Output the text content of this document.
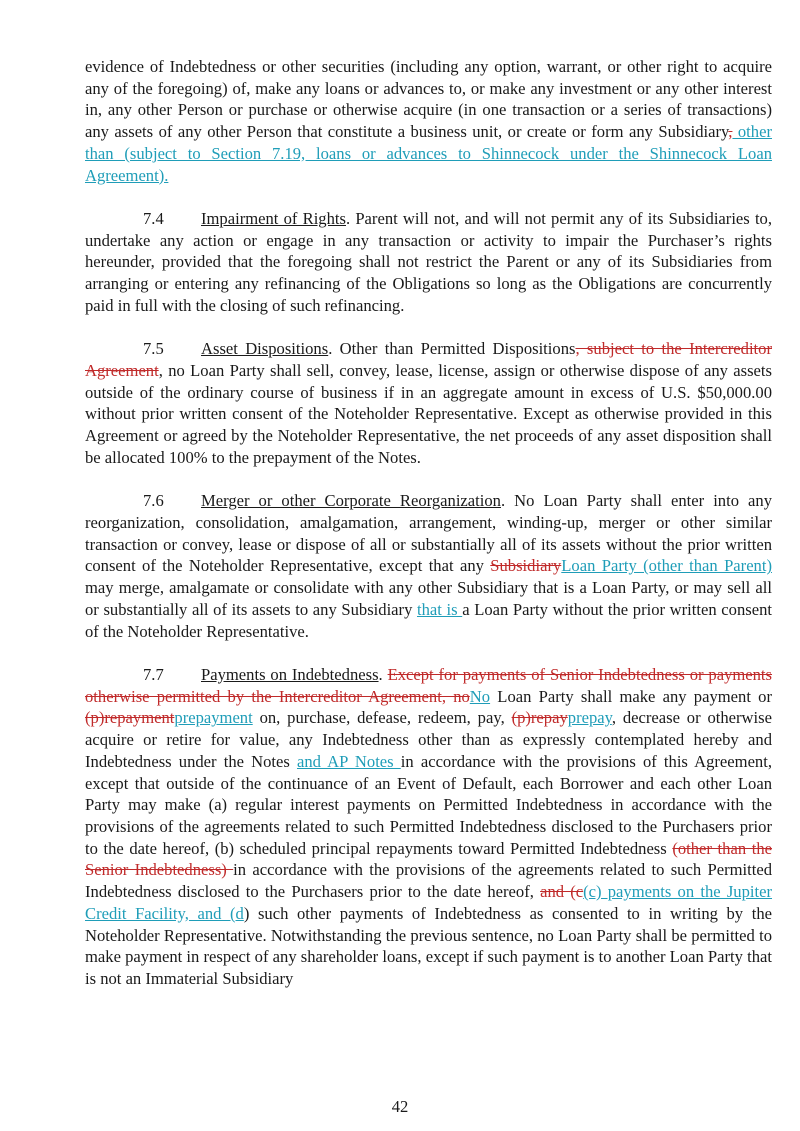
evidence of Indebtedness or other securities (including any option, warrant, or other right to acquire any of the foregoing) of, make any loans or advances to, or make any investment or any other interest in, any other Person or purchase or otherwise acquire (in one transaction or a series of transactions) any assets of any other Person that constitute a business unit, or create or form any Subsidiary, other than (subject to Section 7.19, loans or advances to Shinnecock under the Shinnecock Loan Agreement).

7.4 Impairment of Rights. Parent will not, and will not permit any of its Subsidiaries to, undertake any action or engage in any transaction or activity to impair the Purchaser’s rights hereunder, provided that the foregoing shall not restrict the Parent or any of its Subsidiaries from arranging or entering any refinancing of the Obligations so long as the Obligations are concurrently paid in full with the closing of such refinancing.

7.5 Asset Dispositions. Other than Permitted Dispositions, subject to the Intercreditor Agreement, no Loan Party shall sell, convey, lease, license, assign or otherwise dispose of any assets outside of the ordinary course of business if in an aggregate amount in excess of U.S. $50,000.00 without prior written consent of the Noteholder Representative. Except as otherwise provided in this Agreement or agreed by the Noteholder Representative, the net proceeds of any asset disposition shall be allocated 100% to the prepayment of the Notes.

7.6 Merger or other Corporate Reorganization. No Loan Party shall enter into any reorganization, consolidation, amalgamation, arrangement, winding-up, merger or other similar transaction or convey, lease or dispose of all or substantially all of its assets without the prior written consent of the Noteholder Representative, except that any SubsidiaryLoan Party (other than Parent) may merge, amalgamate or consolidate with any other Subsidiary that is a Loan Party, or may sell all or substantially all of its assets to any Subsidiary that is a Loan Party without the prior written consent of the Noteholder Representative.

7.7 Payments on Indebtedness. Except for payments of Senior Indebtedness or payments otherwise permitted by the Intercreditor Agreement, noNo Loan Party shall make any payment or (p)repaymentprepayment on, purchase, defease, redeem, pay, (p)repayprepay, decrease or otherwise acquire or retire for value, any Indebtedness other than as expressly contemplated hereby and Indebtedness under the Notes and AP Notes in accordance with the provisions of this Agreement, except that outside of the continuance of an Event of Default, each Borrower and each other Loan Party may make (a) regular interest payments on Permitted Indebtedness in accordance with the provisions of the agreements related to such Permitted Indebtedness disclosed to the Purchasers prior to the date hereof, (b) scheduled principal repayments toward Permitted Indebtedness (other than the Senior Indebtedness) in accordance with the provisions of the agreements related to such Permitted Indebtedness disclosed to the Purchasers prior to the date hereof, and (c(c) payments on the Jupiter Credit Facility, and (d) such other payments of Indebtedness as consented to in writing by the Noteholder Representative. Notwithstanding the previous sentence, no Loan Party shall be permitted to make payment in respect of any shareholder loans, except if such payment is to another Loan Party that is not an Immaterial Subsidiary

42
